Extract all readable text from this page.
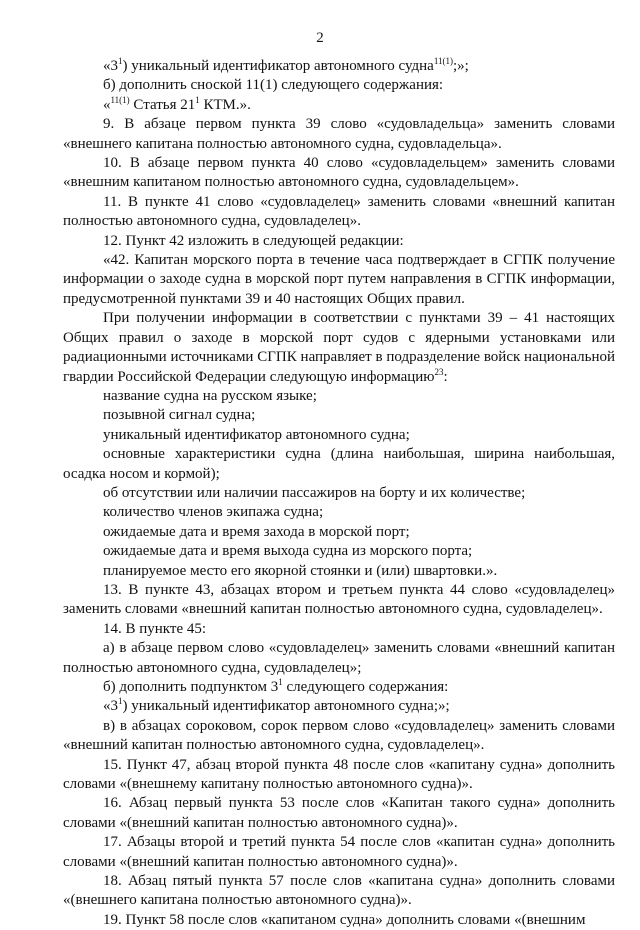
2

«$3^1$) уникальный идентификатор автономного судна$^{11(1)}$;»;

б) дополнить сноской 11(1) следующего содержания:

«$^{11(1)}$ Статья $21^1$ КТМ.».

9. В абзаце первом пункта 39 слово «судовладельца» заменить словами «внешнего капитана полностью автономного судна, судовладельца».

10. В абзаце первом пункта 40 слово «судовладельцем» заменить словами «внешним капитаном полностью автономного судна, судовладельцем».

11. В пункте 41 слово «судовладелец» заменить словами «внешний капитан полностью автономного судна, судовладелец».

12. Пункт 42 изложить в следующей редакции:

«42. Капитан морского порта в течение часа подтверждает в СГПК получение информации о заходе судна в морской порт путем направления в СГПК информации, предусмотренной пунктами 39 и 40 настоящих Общих правил.

При получении информации в соответствии с пунктами 39 – 41 настоящих Общих правил о заходе в морской порт судов с ядерными установками или радиационными источниками СГПК направляет в подразделение войск национальной гвардии Российской Федерации следующую информацию$^{23}$:

название судна на русском языке;

позывной сигнал судна;

уникальный идентификатор автономного судна;

основные характеристики судна (длина наибольшая, ширина наибольшая, осадка носом и кормой);

об отсутствии или наличии пассажиров на борту и их количестве;

количество членов экипажа судна;

ожидаемые дата и время захода в морской порт;

ожидаемые дата и время выхода судна из морского порта;

планируемое место его якорной стоянки и (или) швартовки.».

13. В пункте 43, абзацах втором и третьем пункта 44 слово «судовладелец» заменить словами «внешний капитан полностью автономного судна, судовладелец».

14. В пункте 45:

а) в абзаце первом слово «судовладелец» заменить словами «внешний капитан полностью автономного судна, судовладелец»;

б) дополнить подпунктом $3^1$ следующего содержания:

«$3^1$) уникальный идентификатор автономного судна;»;

в) в абзацах сороковом, сорок первом слово «судовладелец» заменить словами «внешний капитан полностью автономного судна, судовладелец».

15. Пункт 47, абзац второй пункта 48 после слов «капитану судна» дополнить словами «(внешнему капитану полностью автономного судна)».

16. Абзац первый пункта 53 после слов «Капитан такого судна» дополнить словами «(внешний капитан полностью автономного судна)».

17. Абзацы второй и третий пункта 54 после слов «капитан судна» дополнить словами «(внешний капитан полностью автономного судна)».

18. Абзац пятый пункта 57 после слов «капитана судна» дополнить словами «(внешнего капитана полностью автономного судна)».

19. Пункт 58 после слов «капитаном судна» дополнить словами «(внешним
